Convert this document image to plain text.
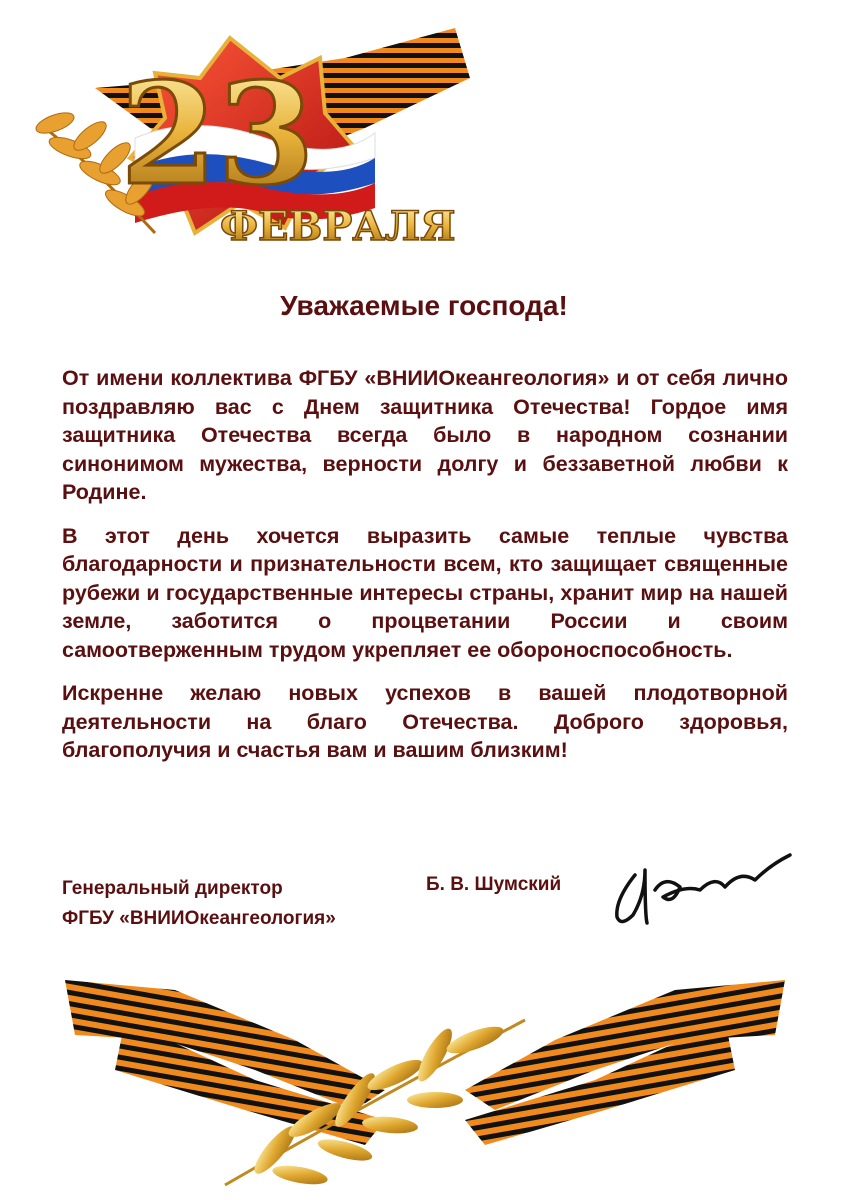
23
ФЕВРАЛЯ
Уважаемые господа!

От имени коллектива ФГБУ «ВНИИОкеангеология» и от себя лично поздравляю вас с Днем защитника Отечества! Гордое имя защитника Отечества всегда было в народном сознании синонимом мужества, верности долгу и беззаветной любви к Родине.

В этот день хочется выразить самые теплые чувства благодарности и признательности всем, кто защищает священные рубежи и государственные интересы страны, хранит мир на нашей земле, заботится о процветании России и своим самоотверженным трудом укрепляет ее обороноспособность.

Искренне желаю новых успехов в вашей плодотворной деятельности на благо Отечества. Доброго здоровья, благополучия и счастья вам и вашим близким!

Генеральный директор
ФГБУ «ВНИИОкеангеология»
Б. В. Шумский
